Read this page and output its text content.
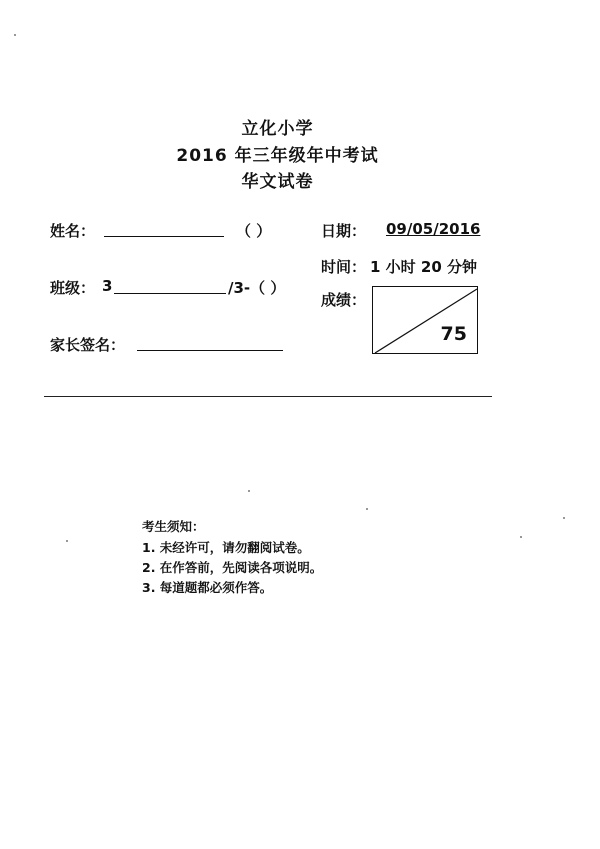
立化小学
2016 年三年级年中考试
华文试卷
姓名：	（ ）
班级： 3	/3-（ ）
家长签名：
日期： 09/05/2016
时间： 1 小时 20 分钟
成绩：
75
考生须知：
1. 未经许可，请勿翻阅试卷。
2. 在作答前，先阅读各项说明。
3. 每道题都必须作答。
